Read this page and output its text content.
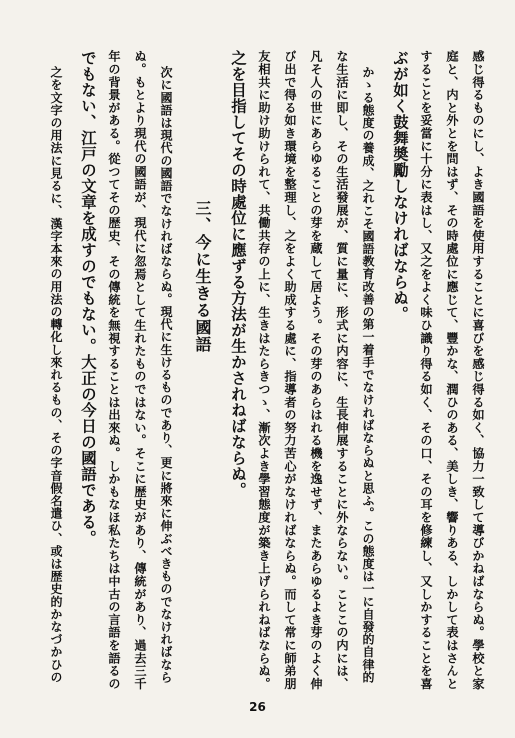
感じ得るものにし、よき國語を使用することに喜びを感じ得る如く、協力一致して導びかねばならぬ。學校と家
庭と、内と外とを問はず、その時處位に應じて、豐かな、潤ひのある、美しき、響りある、しかして表はさんと
することを妥當に十分に表はし、又之をよく味ひ識り得る如く、その口、その耳を修練し、又しかすることを喜
ぶが如く鼓舞奬勵しなければならぬ。
かゝる態度の養成、之れこそ國語教育改善の第一着手でなければならぬと思ふ。この態度は一に自發的自律的
な生活に即し、その生活發展が、質に量に、形式に内容に、生長伸展することに外ならない。ことこの内には、
凡そ人の世にあらゆることの芽を蔵して居よう。その芽のあらはれる機を逸せず、またあらゆるよき芽のよく伸
び出で得る如き環境を整理し、之をよく助成する處に、指導者の努力苦心がなければならぬ。而して常に師弟朋
友相共に助け助けられて、共働共存の上に、生きはたらきつゝ、漸次よき學習態度が築き上げられねばならぬ。
之を目指してその時處位に應ずる方法が生かされねばならぬ。
三、今に生きる國語
次に國語は現代の國語でなければならぬ。現代に生けるものであり、更に將來に伸ぶべきものでなければなら
ぬ。もとより現代の國語が、現代に忽焉として生れたものではない。そこに歴史があり、傳統があり、過去三千
年の背景がある。從つてその歴史、その傳統を無視することは出來ぬ。しかもなほ私たちは中古の言語を語るの
でもない、江戸の文章を成すのでもない。大正の今日の國語である。
之を文字の用法に見るに、漢字本來の用法の轉化し來れるもの、その字音假名遣ひ、或は歴史的かなづかひの
26
